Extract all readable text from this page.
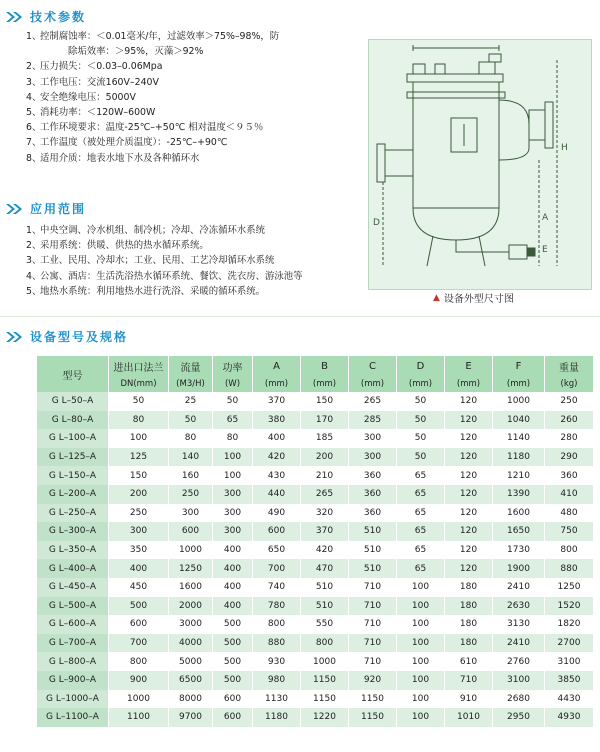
技术参数
1、控制腐蚀率：＜0.01毫米/年，过滤效率＞75%–98%，防
除垢效率：＞95%，灭藻＞92%
2、压力损失：＜0.03–0.06Mpa
3、工作电压：交流160V–240V
4、安全绝缘电压：5000V
5、消耗功率：＜120W–600W
6、工作环境要求：温度-25℃–+50℃ 相对温度＜９５％
7、工作温度（被处理介质温度）：-25℃–+90℃
8、适用介质：地表水地下水及各种循环水
应用范围
1、中央空调、冷水机组、制冷机；冷却、冷冻循环水系统
2、采用系统：供暖、供热的热水循环系统。
3、工业、民用、冷却水；工业、民用、工艺冷却循环水系统
4、公寓、酒店：生活洗浴热水循环系统、餐饮、洗衣房、游泳池等
5、地热水系统：利用地热水进行洗浴、采暖的循环系统。
H
A
E
D
▲ 设备外型尺寸图
设备型号及规格
型号	进出口法兰	流量	功率	A	B	C	D	E	F	重量
	DN(mm)	(M3/H)	(W)	(mm)	(mm)	(mm)	(mm)	(mm)	(mm)	(kg)
G L–50–A	50	25	50	370	150	265	50	120	1000	250
G L–80–A	80	50	65	380	170	285	50	120	1040	260
G L–100–A	100	80	80	400	185	300	50	120	1140	280
G L–125–A	125	140	100	420	200	300	50	120	1180	290
G L–150–A	150	160	100	430	210	360	65	120	1210	360
G L–200–A	200	250	300	440	265	360	65	120	1390	410
G L–250–A	250	300	300	490	320	360	65	120	1600	480
G L–300–A	300	600	300	600	370	510	65	120	1650	750
G L–350–A	350	1000	400	650	420	510	65	120	1730	800
G L–400–A	400	1250	400	700	470	510	65	120	1900	880
G L–450–A	450	1600	400	740	510	710	100	180	2410	1250
G L–500–A	500	2000	400	780	510	710	100	180	2630	1520
G L–600–A	600	3000	500	800	550	710	100	180	3130	1820
G L–700–A	700	4000	500	880	800	710	100	180	2410	2700
G L–800–A	800	5000	500	930	1000	710	100	610	2760	3100
G L–900–A	900	6500	500	980	1150	920	100	710	3100	3850
G L–1000–A	1000	8000	600	1130	1150	1150	100	910	2680	4430
G L–1100–A	1100	9700	600	1180	1220	1150	100	1010	2950	4930
